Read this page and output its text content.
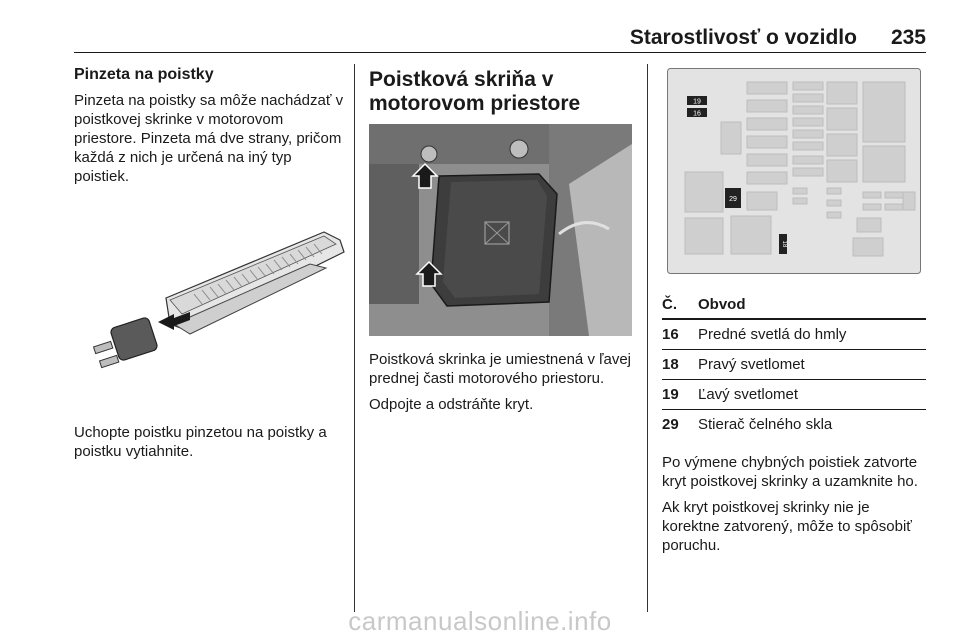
Starostlivosť o vozidlo 235
Pinzeta na poistky

Pinzeta na poistky sa môže nachádzať v poistkovej skrinke v motorovom priestore. Pinzeta má dve strany, pričom každá z nich je určená na iný typ poistiek.

Uchopte poistku pinzetou na poistky a poistku vytiahnite.

Poistková skriňa v motorovom priestore

Poistková skrinka je umiestnená v ľavej prednej časti motorového priestoru.

Odpojte a odstráňte kryt.

19
16
29
18
Č.	Obvod
16	Predné svetlá do hmly
18	Pravý svetlomet
19	Ľavý svetlomet
29	Stierač čelného skla

Po výmene chybných poistiek zatvorte kryt poistkovej skrinky a uzamknite ho.

Ak kryt poistkovej skrinky nie je korektne zatvorený, môže to spôsobiť poruchu.

carmanualsonline.info
